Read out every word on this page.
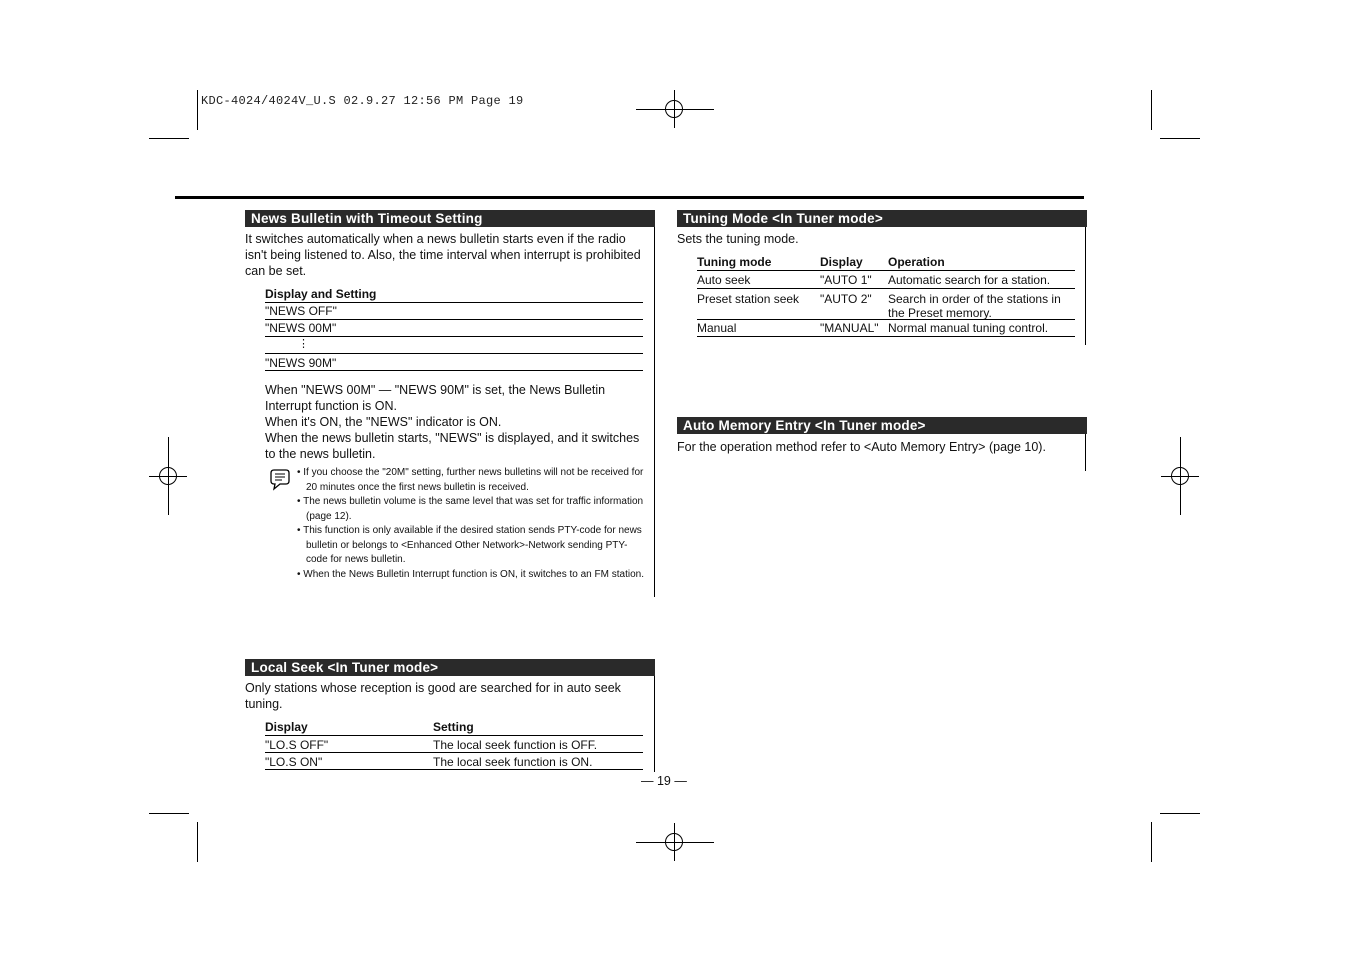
KDC-4024/4024V_U.S 02.9.27 12:56 PM Page 19
News Bulletin with Timeout Setting
It switches automatically when a news bulletin starts even if the radio isn't being listened to. Also, the time interval when interrupt is prohibited can be set.
Display and Setting
"NEWS OFF"
"NEWS 00M"
⋮
"NEWS 90M"
When "NEWS 00M" — "NEWS 90M" is set, the News Bulletin Interrupt function is ON.
When it's ON, the "NEWS" indicator is ON.
When the news bulletin starts, "NEWS" is displayed, and it switches to the news bulletin.
• If you choose the "20M" setting, further news bulletins will not be received for 20 minutes once the first news bulletin is received.
• The news bulletin volume is the same level that was set for traffic information (page 12).
• This function is only available if the desired station sends PTY-code for news bulletin or belongs to <Enhanced Other Network>-Network sending PTY-code for news bulletin.
• When the News Bulletin Interrupt function is ON, it switches to an FM station.
Local Seek <In Tuner mode>
Only stations whose reception is good are searched for in auto seek tuning.
Display	Setting
"LO.S OFF"	The local seek function is OFF.
"LO.S ON"	The local seek function is ON.
— 19 —
Tuning Mode <In Tuner mode>
Sets the tuning mode.
Tuning mode	Display	Operation
Auto seek	"AUTO 1"	Automatic search for a station.
Preset station seek	"AUTO 2"	Search in order of the stations in the Preset memory.
Manual	"MANUAL" Normal manual tuning control.
Auto Memory Entry <In Tuner mode>
For the operation method refer to <Auto Memory Entry> (page 10).
